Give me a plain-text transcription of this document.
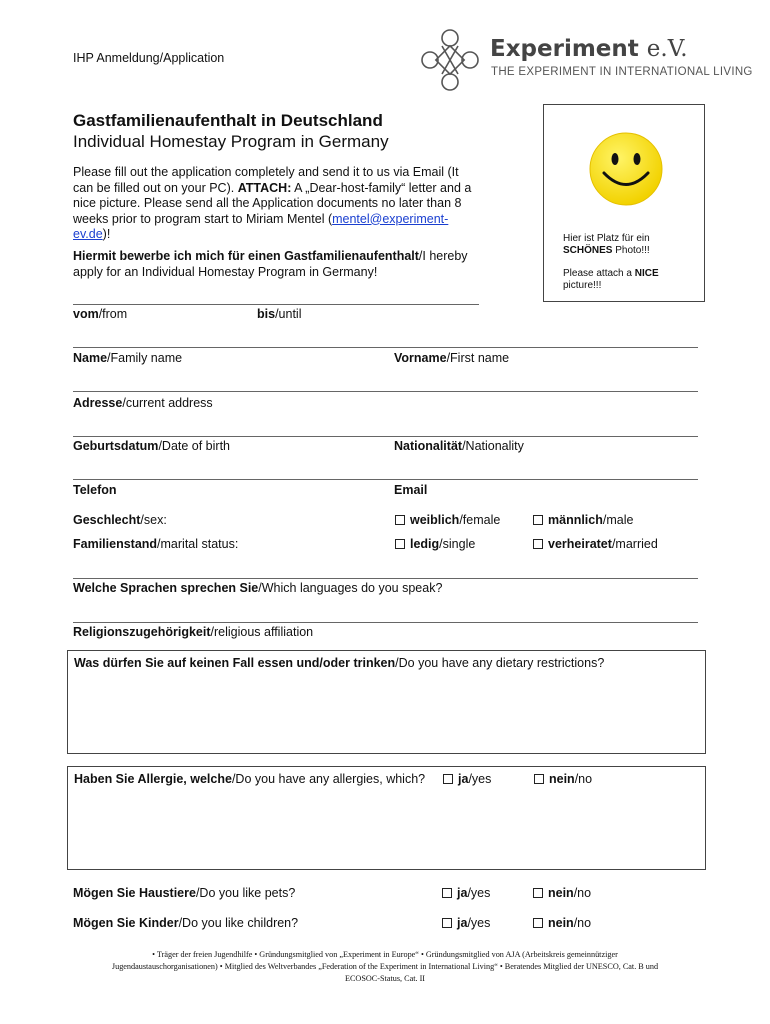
IHP Anmeldung/Application	Experiment e.V.
THE EXPERIMENT IN INTERNATIONAL LIVING
Gastfamilienaufenthalt in Deutschland
Individual Homestay Program in Germany
Please fill out the application completely and send it to us via Email (It can be filled out on your PC). ATTACH: A „Dear-host-family“ letter and a nice picture. Please send all the Application documents no later than 8 weeks prior to program start to Miriam Mentel (mentel@experiment-ev.de)!
Hiermit bewerbe ich mich für einen Gastfamilienaufenthalt/I hereby apply for an Individual Homestay Program in Germany!
Hier ist Platz für ein
SCHÖNES Photo!!!
Please attach a NICE
picture!!!
vom/from	bis/until
Name/Family name	Vorname/First name
Adresse/current address
Geburtsdatum/Date of birth	Nationalität/Nationality
Telefon	Email
Geschlecht/sex:	weiblich/female	männlich/male
Familienstand/marital status:	ledig/single	verheiratet/married
Welche Sprachen sprechen Sie/Which languages do you speak?
Religionszugehörigkeit/religious affiliation
Was dürfen Sie auf keinen Fall essen und/oder trinken/Do you have any dietary restrictions?
Haben Sie Allergie, welche/Do you have any allergies, which?	ja/yes	nein/no
Mögen Sie Haustiere/Do you like pets?	ja/yes	nein/no
Mögen Sie Kinder/Do you like children?	ja/yes	nein/no
• Träger der freien Jugendhilfe • Gründungsmitglied von „Experiment in Europe“ • Gründungsmitglied von AJA (Arbeitskreis gemeinnütziger
Jugendaustauschorganisationen) • Mitglied des Weltverbandes „Federation of the Experiment in International Living“ • Beratendes Mitglied der UNESCO, Cat. B und
ECOSOC-Status, Cat. II
